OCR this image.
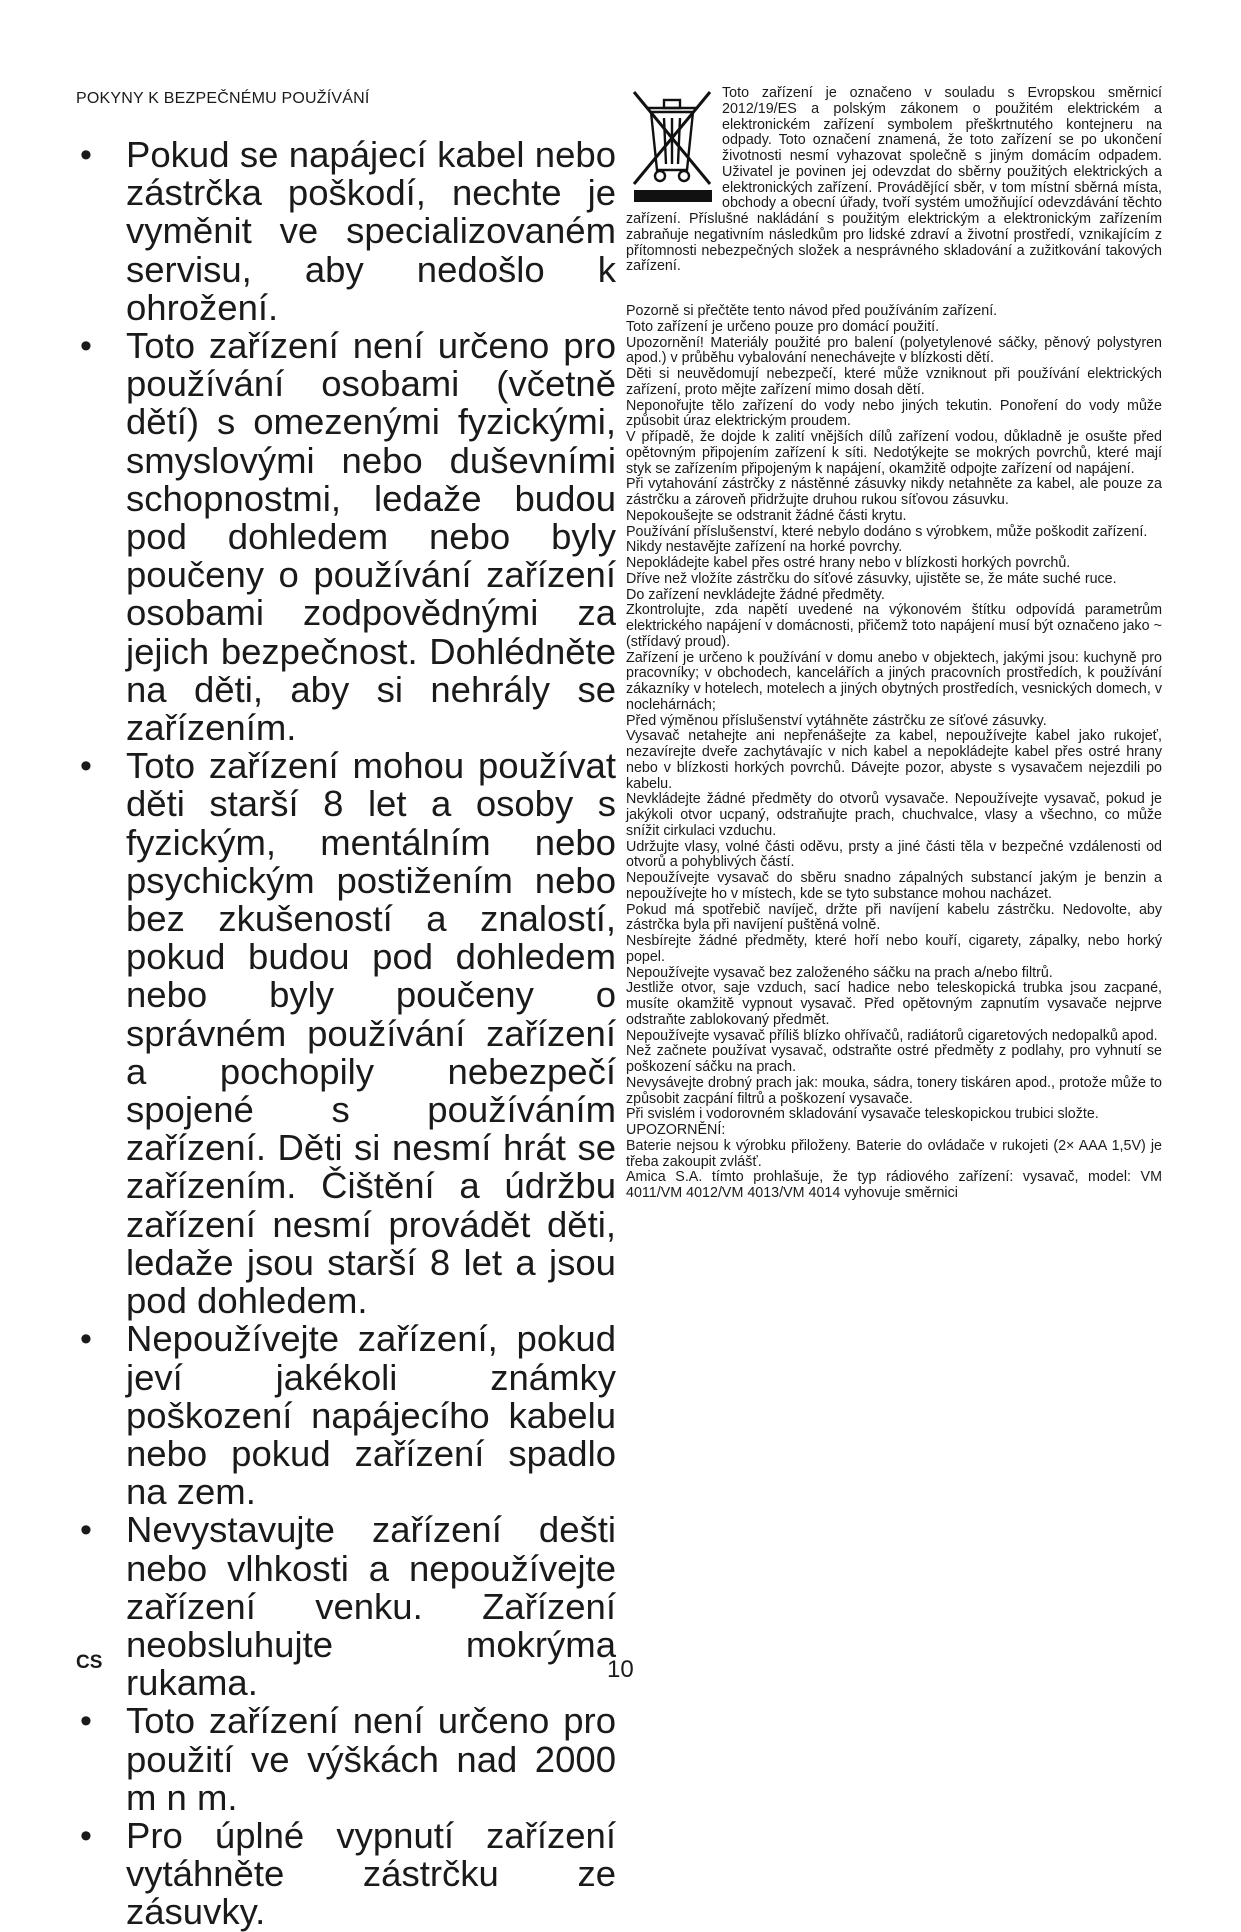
POKYNY K BEZPEČNÉMU POUŽÍVÁNÍ
• Pokud se napájecí kabel nebo zástrčka poškodí, nechte je vyměnit ve specializovaném servisu, aby nedošlo k ohrožení.
• Toto zařízení není určeno pro používání osobami (včetně dětí) s omezenými fyzickými, smyslovými nebo duševními schopnostmi, ledaže budou pod dohledem nebo byly poučeny o používání zařízení osobami zodpovědnými za jejich bezpečnost. Dohlédněte na děti, aby si nehrály se zařízením.
• Toto zařízení mohou používat děti starší 8 let a osoby s fyzickým, mentálním nebo psychickým postižením nebo bez zkušeností a znalostí, pokud budou pod dohledem nebo byly poučeny o správném používání zařízení a pochopily nebezpečí spojené s používáním zařízení. Děti si nesmí hrát se zařízením. Čištění a údržbu zařízení nesmí provádět děti, ledaže jsou starší 8 let a jsou pod dohledem.
• Nepoužívejte zařízení, pokud jeví jakékoli známky poškození napájecího kabelu nebo pokud zařízení spadlo na zem.
• Nevystavujte zařízení dešti nebo vlhkosti a nepoužívejte zařízení venku. Zařízení neobsluhujte mokrýma rukama.
• Toto zařízení není určeno pro použití ve výškách nad 2000 m n m.
• Pro úplné vypnutí zařízení vytáhněte zástrčku ze zásuvky.

Toto zařízení je označeno v souladu s Evropskou směrnicí 2012/19/ES a polským zákonem o použitém elektrickém a elektronickém zařízení symbolem přeškrtnutého kontejneru na odpady. Toto označení znamená, že toto zařízení se po ukončení životnosti nesmí vyhazovat společně s jiným domácím odpadem. Uživatel je povinen jej odevzdat do sběrny použitých elektrických a elektronických zařízení. Provádějící sběr, v tom místní sběrná místa, obchody a obecní úřady, tvoří systém umožňující odevzdávání těchto zařízení. Příslušné nakládání s použitým elektrickým a elektronickým zařízením zabraňuje negativním následkům pro lidské zdraví a životní prostředí, vznikajícím z přítomnosti nebezpečných složek a nesprávného skladování a zužitkování takových zařízení.

Pozorně si přečtěte tento návod před používáním zařízení.

Toto zařízení je určeno pouze pro domácí použití.

Upozornění! Materiály použité pro balení (polyetylenové sáčky, pěnový polystyren apod.) v průběhu vybalování nenechávejte v blízkosti dětí.

Děti si neuvědomují nebezpečí, které může vzniknout při používání elektrických zařízení, proto mějte zařízení mimo dosah dětí.

Neponořujte tělo zařízení do vody nebo jiných tekutin. Ponoření do vody může způsobit úraz elektrickým proudem.

V případě, že dojde k zalití vnějších dílů zařízení vodou, důkladně je osušte před opětovným připojením zařízení k síti. Nedotýkejte se mokrých povrchů, které mají styk se zařízením připojeným k napájení, okamžitě odpojte zařízení od napájení.

Při vytahování zástrčky z nástěnné zásuvky nikdy netahněte za kabel, ale pouze za zástrčku a zároveň přidržujte druhou rukou síťovou zásuvku.

Nepokoušejte se odstranit žádné části krytu.

Používání příslušenství, které nebylo dodáno s výrobkem, může poškodit zařízení.

Nikdy nestavějte zařízení na horké povrchy.

Nepokládejte kabel přes ostré hrany nebo v blízkosti horkých povrchů.

Dříve než vložíte zástrčku do síťové zásuvky, ujistěte se, že máte suché ruce.

Do zařízení nevkládejte žádné předměty.

Zkontrolujte, zda napětí uvedené na výkonovém štítku odpovídá parametrům elektrického napájení v domácnosti, přičemž toto napájení musí být označeno jako ~ (střídavý proud).

Zařízení je určeno k používání v domu anebo v objektech, jakými jsou: kuchyně pro pracovníky; v obchodech, kancelářích a jiných pracovních prostředích, k používání zákazníky v hotelech, motelech a jiných obytných prostředích, vesnických domech, v noclehárnách;

Před výměnou příslušenství vytáhněte zástrčku ze síťové zásuvky.

Vysavač netahejte ani nepřenášejte za kabel, nepoužívejte kabel jako rukojeť, nezavírejte dveře zachytávajíc v nich kabel a nepokládejte kabel přes ostré hrany nebo v blízkosti horkých povrchů. Dávejte pozor, abyste s vysavačem nejezdili po kabelu.

Nevkládejte žádné předměty do otvorů vysavače. Nepoužívejte vysavač, pokud je jakýkoli otvor ucpaný, odstraňujte prach, chuchvalce, vlasy a všechno, co může snížit cirkulaci vzduchu.

Udržujte vlasy, volné části oděvu, prsty a jiné části těla v bezpečné vzdálenosti od otvorů a pohyblivých částí.

Nepoužívejte vysavač do sběru snadno zápalných substancí jakým je benzin a nepoužívejte ho v místech, kde se tyto substance mohou nacházet.

Pokud má spotřebič navíječ, držte při navíjení kabelu zástrčku. Nedovolte, aby zástrčka byla při navíjení puštěná volně.

Nesbírejte žádné předměty, které hoří nebo kouří, cigarety, zápalky, nebo horký popel.

Nepoužívejte vysavač bez založeného sáčku na prach a/nebo filtrů.

Jestliže otvor, saje vzduch, sací hadice nebo teleskopická trubka jsou zacpané, musíte okamžitě vypnout vysavač. Před opětovným zapnutím vysavače nejprve odstraňte zablokovaný předmět.

Nepoužívejte vysavač příliš blízko ohřívačů, radiátorů cigaretových nedopalků apod.

Než začnete používat vysavač, odstraňte ostré předměty z podlahy, pro vyhnutí se poškození sáčku na prach.

Nevysávejte drobný prach jak: mouka, sádra, tonery tiskáren apod., protože může to způsobit zacpání filtrů a poškození vysavače.

Při svislém i vodorovném skladování vysavače teleskopickou trubici složte.

UPOZORNĚNÍ:

Baterie nejsou k výrobku přiloženy. Baterie do ovládače v rukojeti (2× AAA 1,5V) je třeba zakoupit zvlášť.

Amica S.A. tímto prohlašuje, že typ rádiového zařízení: vysavač, model: VM 4011/VM 4012/VM 4013/VM 4014 vyhovuje směrnici

CS	10
